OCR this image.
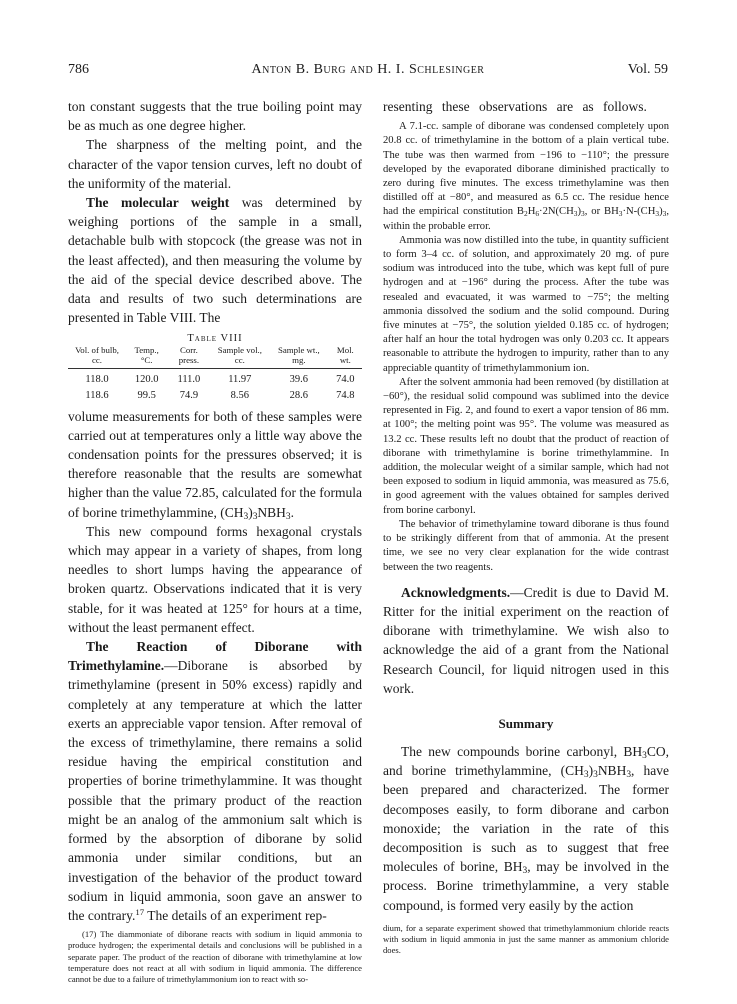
786	Anton B. Burg and H. I. Schlesinger	Vol. 59

ton constant suggests that the true boiling point may be as much as one degree higher.

The sharpness of the melting point, and the character of the vapor tension curves, left no doubt of the uniformity of the material.

The molecular weight was determined by weighing portions of the sample in a small, detachable bulb with stopcock (the grease was not in the least affected), and then measuring the volume by the aid of the special device described above. The data and results of two such determinations are presented in Table VIII. The

Table VIII
Vol. of bulb, cc.	Temp., °C.	Corr. press.	Sample vol., cc.	Sample wt., mg.	Mol. wt.
118.0	120.0	111.0	11.97	39.6	74.0
118.6	99.5	74.9	8.56	28.6	74.8

volume measurements for both of these samples were carried out at temperatures only a little way above the condensation points for the pressures observed; it is therefore reasonable that the results are somewhat higher than the value 72.85, calculated for the formula of borine trimethylammine, $(CH_3)_3NBH_3$.

This new compound forms hexagonal crystals which may appear in a variety of shapes, from long needles to short lumps having the appearance of broken quartz. Observations indicated that it is very stable, for it was heated at 125° for hours at a time, without the least permanent effect.

The Reaction of Diborane with Trimethylamine.—Diborane is absorbed by trimethylamine (present in 50% excess) rapidly and completely at any temperature at which the latter exerts an appreciable vapor tension. After removal of the excess of trimethylamine, there remains a solid residue having the empirical constitution and properties of borine trimethylammine. It was thought possible that the primary product of the reaction might be an analog of the ammonium salt which is formed by the absorption of diborane by solid ammonia under similar conditions, but an investigation of the behavior of the product toward sodium in liquid ammonia, soon gave an answer to the contrary.$^{17}$ The details of an experiment rep-

(17) The diammoniate of diborane reacts with sodium in liquid ammonia to produce hydrogen; the experimental details and conclusions will be published in a separate paper. The product of the reaction of diborane with trimethylamine at low temperature does not react at all with sodium in liquid ammonia. The difference cannot be due to a failure of trimethylammonium ion to react with so-

resenting these observations are as follows.

A 7.1-cc. sample of diborane was condensed completely upon 20.8 cc. of trimethylamine in the bottom of a plain vertical tube. The tube was then warmed from −196 to −110°; the pressure developed by the evaporated diborane diminished practically to zero during five minutes. The excess trimethylamine was then distilled off at −80°, and measured as 6.5 cc. The residue hence had the empirical constitution $B_2H_6\cdot 2N(CH_3)_3$, or $BH_3\cdot N-(CH_3)_3$, within the probable error.

Ammonia was now distilled into the tube, in quantity sufficient to form 3–4 cc. of solution, and approximately 20 mg. of pure sodium was introduced into the tube, which was kept full of pure hydrogen and at −196° during the process. After the tube was resealed and evacuated, it was warmed to −75°; the melting ammonia dissolved the sodium and the solid compound. During five minutes at −75°, the solution yielded 0.185 cc. of hydrogen; after half an hour the total hydrogen was only 0.203 cc. It appears reasonable to attribute the hydrogen to impurity, rather than to any appreciable quantity of trimethylammonium ion.

After the solvent ammonia had been removed (by distillation at −60°), the residual solid compound was sublimed into the device represented in Fig. 2, and found to exert a vapor tension of 86 mm. at 100°; the melting point was 95°. The volume was measured as 13.2 cc. These results left no doubt that the product of reaction of diborane with trimethylamine is borine trimethylammine. In addition, the molecular weight of a similar sample, which had not been exposed to sodium in liquid ammonia, was measured as 75.6, in good agreement with the values obtained for samples derived from borine carbonyl.

The behavior of trimethylamine toward diborane is thus found to be strikingly different from that of ammonia. At the present time, we see no very clear explanation for the wide contrast between the two reagents.

Acknowledgments.—Credit is due to David M. Ritter for the initial experiment on the reaction of diborane with trimethylamine. We wish also to acknowledge the aid of a grant from the National Research Council, for liquid nitrogen used in this work.

Summary

The new compounds borine carbonyl, $BH_3CO$, and borine trimethylammine, $(CH_3)_3NBH_3$, have been prepared and characterized. The former decomposes easily, to form diborane and carbon monoxide; the variation in the rate of this decomposition is such as to suggest that free molecules of borine, $BH_3$, may be involved in the process. Borine trimethylammine, a very stable compound, is formed very easily by the action

dium, for a separate experiment showed that trimethylammonium chloride reacts with sodium in liquid ammonia in just the same manner as ammonium chloride does.
